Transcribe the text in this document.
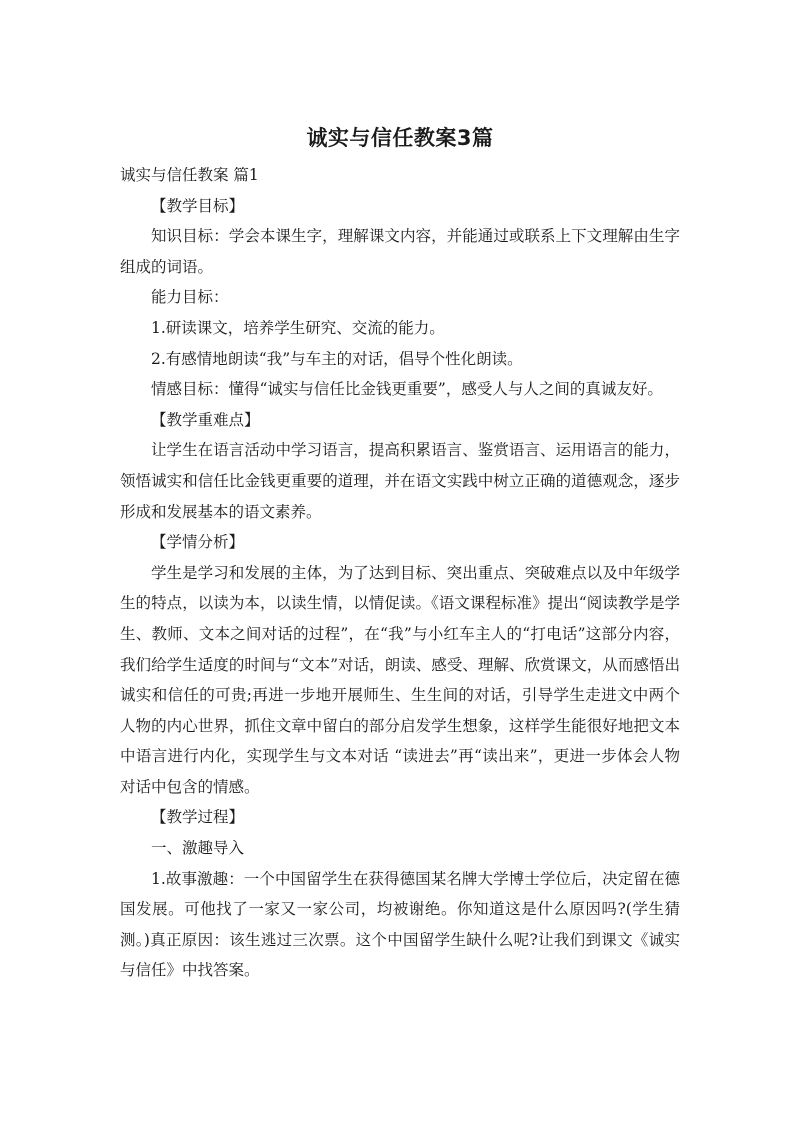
诚实与信任教案3篇

诚实与信任教案 篇1

【教学目标】

知识目标：学会本课生字，理解课文内容，并能通过或联系上下文理解由生字组成的词语。

能力目标：

1.研读课文，培养学生研究、交流的能力。

2.有感情地朗读“我”与车主的对话，倡导个性化朗读。

情感目标：懂得“诚实与信任比金钱更重要”，感受人与人之间的真诚友好。

【教学重难点】

让学生在语言活动中学习语言，提高积累语言、鉴赏语言、运用语言的能力，领悟诚实和信任比金钱更重要的道理，并在语文实践中树立正确的道德观念，逐步形成和发展基本的语文素养。

【学情分析】

学生是学习和发展的主体，为了达到目标、突出重点、突破难点以及中年级学生的特点，以读为本，以读生情，以情促读。《语文课程标准》提出“阅读教学是学生、教师、文本之间对话的过程”，在“我”与小红车主人的“打电话”这部分内容，我们给学生适度的时间与“文本”对话，朗读、感受、理解、欣赏课文，从而感悟出诚实和信任的可贵;再进一步地开展师生、生生间的对话，引导学生走进文中两个人物的内心世界，抓住文章中留白的部分启发学生想象，这样学生能很好地把文本中语言进行内化，实现学生与文本对话 “读进去”再“读出来”，更进一步体会人物对话中包含的情感。

【教学过程】

一、激趣导入

1.故事激趣：一个中国留学生在获得德国某名牌大学博士学位后，决定留在德国发展。可他找了一家又一家公司，均被谢绝。你知道这是什么原因吗?(学生猜测。)真正原因：该生逃过三次票。这个中国留学生缺什么呢?让我们到课文《诚实与信任》中找答案。
